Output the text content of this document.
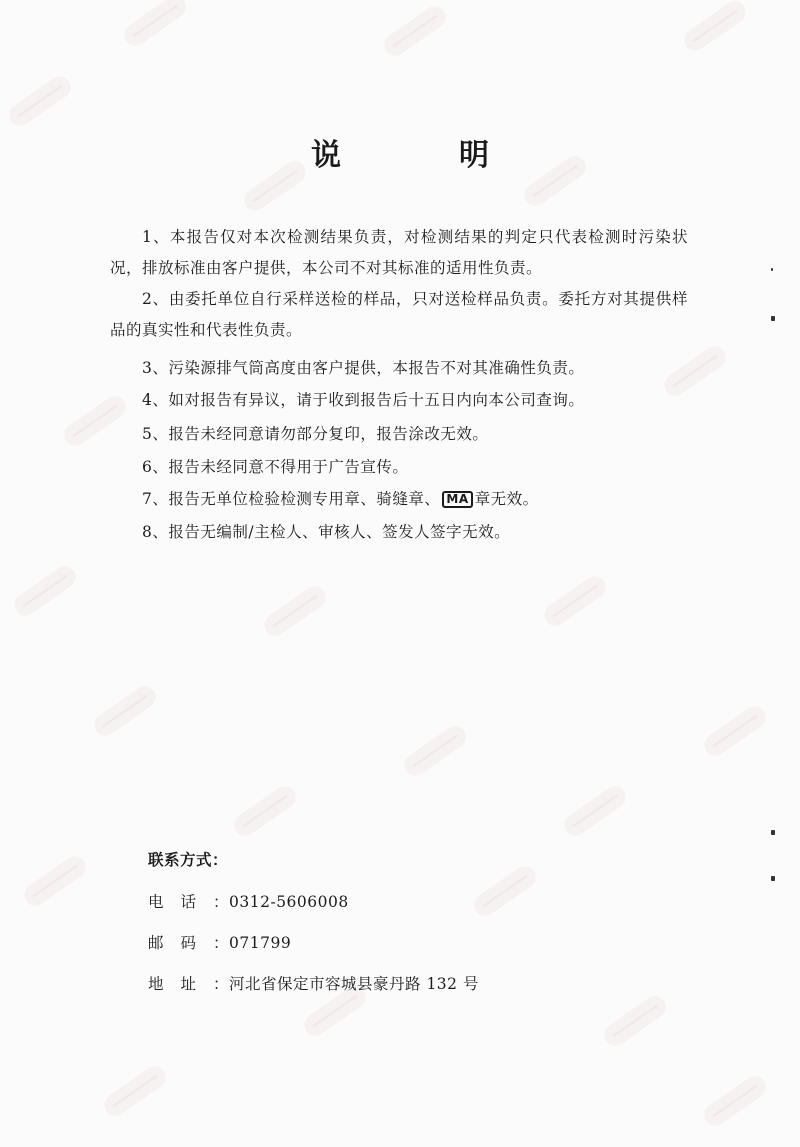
说　明

1、本报告仅对本次检测结果负责，对检测结果的判定只代表检测时污染状况，排放标准由客户提供，本公司不对其标准的适用性负责。

2、由委托单位自行采样送检的样品，只对送检样品负责。委托方对其提供样品的真实性和代表性负责。

3、污染源排气筒高度由客户提供，本报告不对其准确性负责。

4、如对报告有异议，请于收到报告后十五日内向本公司查询。

5、报告未经同意请勿部分复印，报告涂改无效。

6、报告未经同意不得用于广告宣传。

7、报告无单位检验检测专用章、骑缝章、 MA 章无效。

8、报告无编制/主检人、审核人、签发人签字无效。

联系方式：
电话：0312-5606008
邮码：071799
地址：河北省保定市容城县豪丹路 132 号
